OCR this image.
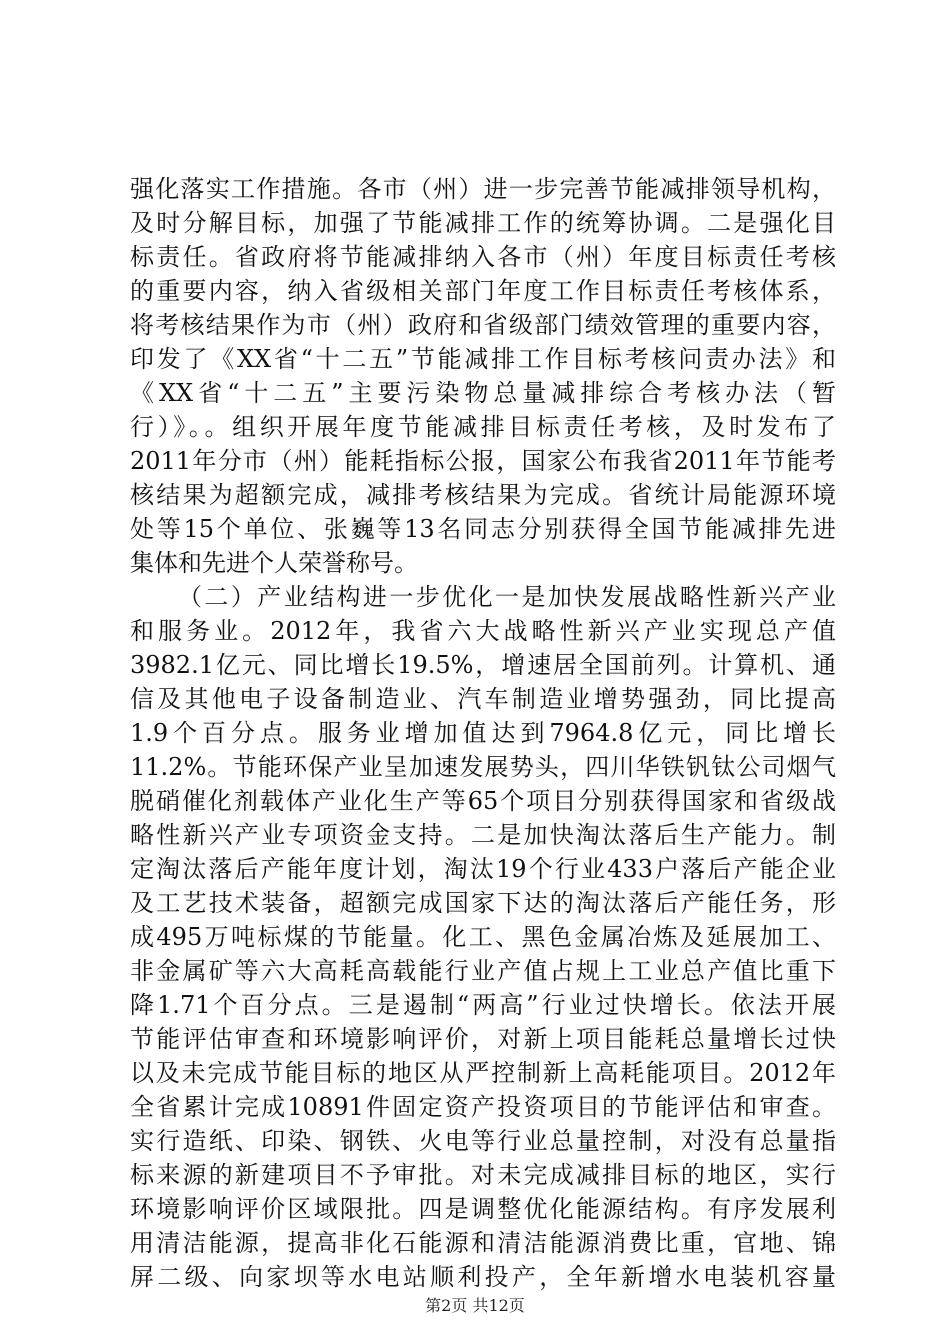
强化落实工作措施。各市（州）进一步完善节能减排领导机构，
及时分解目标，加强了节能减排工作的统筹协调。二是强化目
标责任。省政府将节能减排纳入各市（州）年度目标责任考核
的重要内容，纳入省级相关部门年度工作目标责任考核体系，
将考核结果作为市（州）政府和省级部门绩效管理的重要内容，
印发了《XX省“十二五”节能减排工作目标考核问责办法》和
《XX省“十二五”主要污染物总量减排综合考核办法（暂
行）》。。组织开展年度节能减排目标责任考核，及时发布了
2011年分市（州）能耗指标公报，国家公布我省2011年节能考
核结果为超额完成，减排考核结果为完成。省统计局能源环境
处等15个单位、张巍等13名同志分别获得全国节能减排先进
集体和先进个人荣誉称号。
（二）产业结构进一步优化一是加快发展战略性新兴产业
和服务业。2012年，我省六大战略性新兴产业实现总产值
3982.1亿元、同比增长19.5%，增速居全国前列。计算机、通
信及其他电子设备制造业、汽车制造业增势强劲，同比提高
1.9个百分点。服务业增加值达到7964.8亿元，同比增长
11.2%。节能环保产业呈加速发展势头，四川华铁钒钛公司烟气
脱硝催化剂载体产业化生产等65个项目分别获得国家和省级战
略性新兴产业专项资金支持。二是加快淘汰落后生产能力。制
定淘汰落后产能年度计划，淘汰19个行业433户落后产能企业
及工艺技术装备，超额完成国家下达的淘汰落后产能任务，形
成495万吨标煤的节能量。化工、黑色金属冶炼及延展加工、
非金属矿等六大高耗高载能行业产值占规上工业总产值比重下
降1.71个百分点。三是遏制“两高”行业过快增长。依法开展
节能评估审查和环境影响评价，对新上项目能耗总量增长过快
以及未完成节能目标的地区从严控制新上高耗能项目。2012年
全省累计完成10891件固定资产投资项目的节能评估和审查。
实行造纸、印染、钢铁、火电等行业总量控制，对没有总量指
标来源的新建项目不予审批。对未完成减排目标的地区，实行
环境影响评价区域限批。四是调整优化能源结构。有序发展利
用清洁能源，提高非化石能源和清洁能源消费比重，官地、锦
屏二级、向家坝等水电站顺利投产，全年新增水电装机容量
第2页 共12页
